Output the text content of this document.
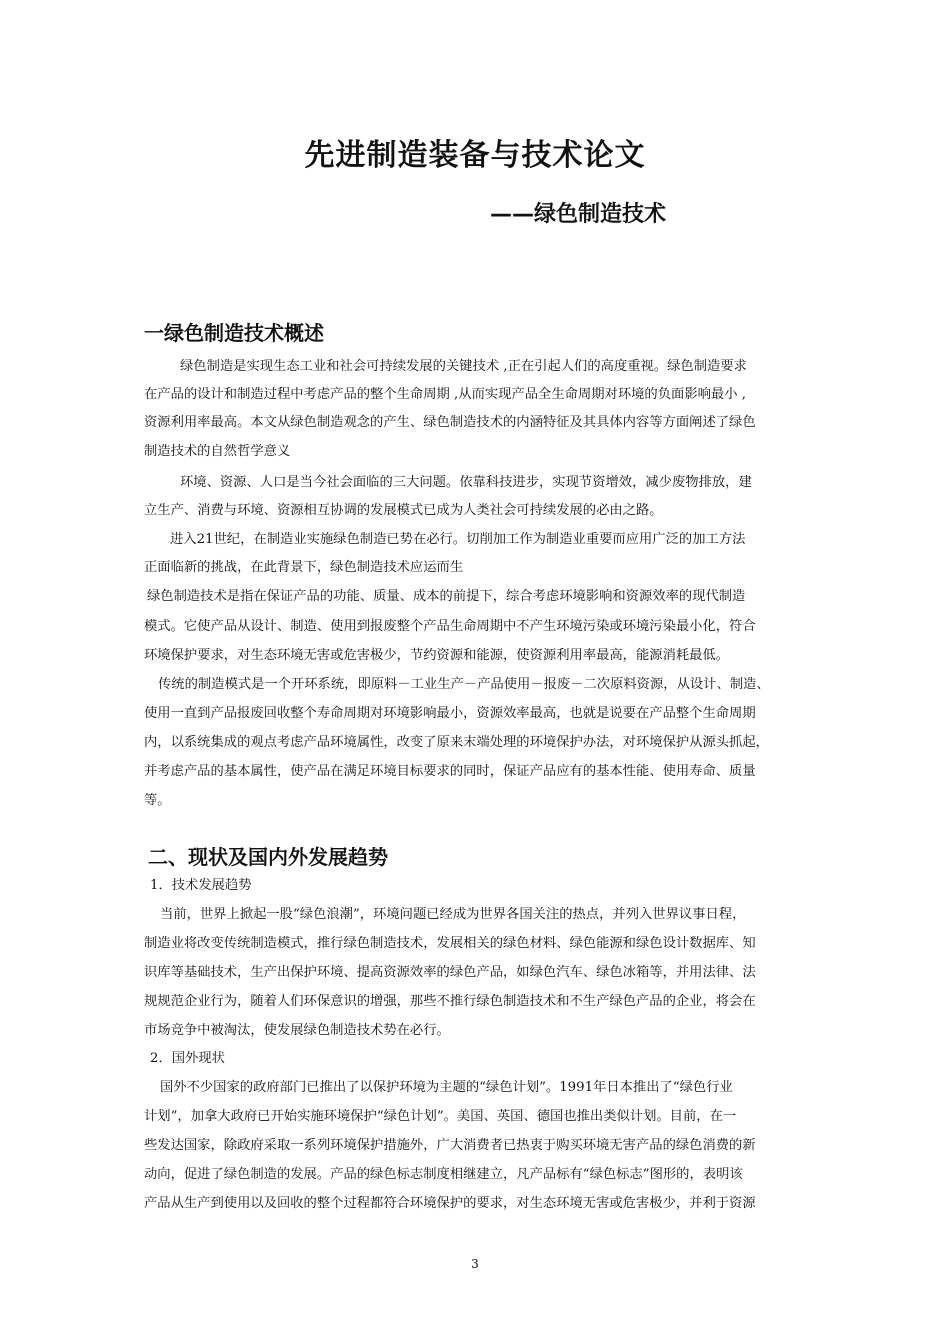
先进制造装备与技术论文
——绿色制造技术
一绿色制造技术概述
绿色制造是实现生态工业和社会可持续发展的关键技术 ,正在引起人们的高度重视。绿色制造要求
在产品的设计和制造过程中考虑产品的整个生命周期 ,从而实现产品全生命周期对环境的负面影响最小 ,
资源利用率最高。本文从绿色制造观念的产生、绿色制造技术的内涵特征及其具体内容等方面阐述了绿色
制造技术的自然哲学意义
环境、资源、人口是当今社会面临的三大问题。依靠科技进步，实现节资增效，减少废物排放，建
立生产、消费与环境、资源相互协调的发展模式已成为人类社会可持续发展的必由之路。
进入21世纪，在制造业实施绿色制造已势在必行。切削加工作为制造业重要而应用广泛的加工方法
正面临新的挑战，在此背景下，绿色制造技术应运而生
绿色制造技术是指在保证产品的功能、质量、成本的前提下，综合考虑环境影响和资源效率的现代制造
模式。它使产品从设计、制造、使用到报废整个产品生命周期中不产生环境污染或环境污染最小化，符合
环境保护要求，对生态环境无害或危害极少，节约资源和能源，使资源利用率最高，能源消耗最低。
传统的制造模式是一个开环系统，即原料－工业生产－产品使用－报废－二次原料资源，从设计、制造、
使用一直到产品报废回收整个寿命周期对环境影响最小，资源效率最高，也就是说要在产品整个生命周期
内，以系统集成的观点考虑产品环境属性，改变了原来末端处理的环境保护办法，对环境保护从源头抓起，
并考虑产品的基本属性，使产品在满足环境目标要求的同时，保证产品应有的基本性能、使用寿命、质量
等。
二、现状及国内外发展趋势
1．技术发展趋势
当前，世界上掀起一股“绿色浪潮”，环境问题已经成为世界各国关注的热点，并列入世界议事日程，
制造业将改变传统制造模式，推行绿色制造技术，发展相关的绿色材料、绿色能源和绿色设计数据库、知
识库等基础技术，生产出保护环境、提高资源效率的绿色产品，如绿色汽车、绿色冰箱等，并用法律、法
规规范企业行为，随着人们环保意识的增强，那些不推行绿色制造技术和不生产绿色产品的企业，将会在
市场竞争中被淘汰，使发展绿色制造技术势在必行。
2．国外现状
国外不少国家的政府部门已推出了以保护环境为主题的“绿色计划”。1991年日本推出了“绿色行业
计划”，加拿大政府已开始实施环境保护“绿色计划”。美国、英国、德国也推出类似计划。目前，在一
些发达国家，除政府采取一系列环境保护措施外，广大消费者已热衷于购买环境无害产品的绿色消费的新
动向，促进了绿色制造的发展。产品的绿色标志制度相继建立，凡产品标有“绿色标志”图形的，表明该
产品从生产到使用以及回收的整个过程都符合环境保护的要求，对生态环境无害或危害极少，并利于资源
3
